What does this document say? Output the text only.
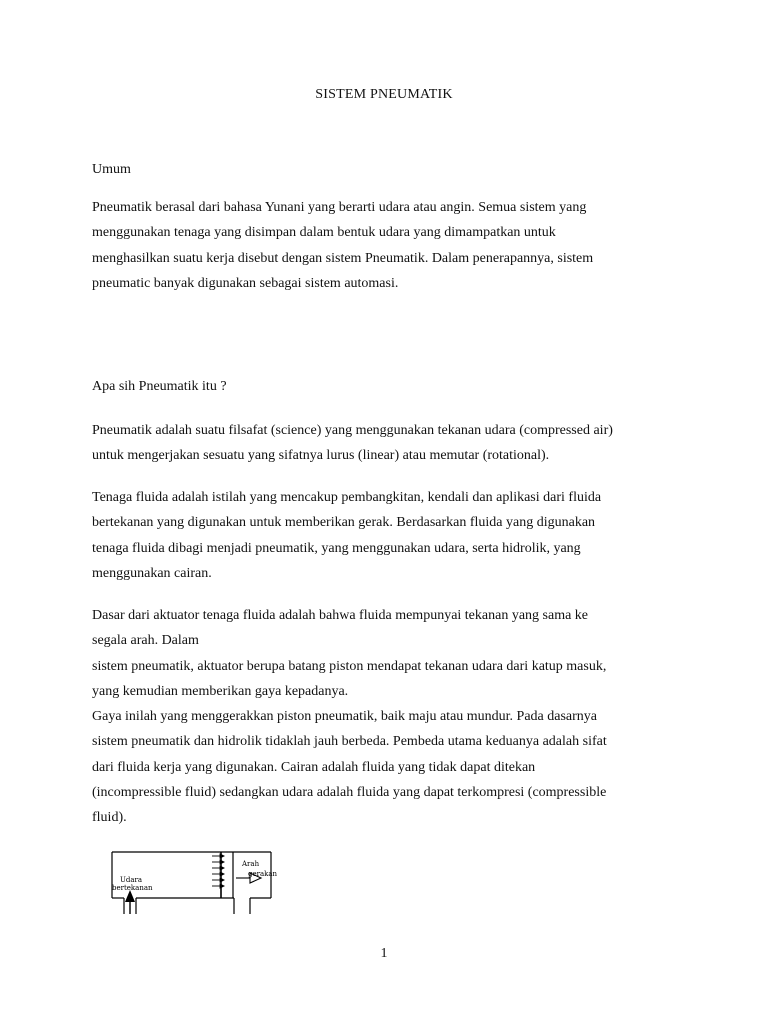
SISTEM PNEUMATIK
Umum
Pneumatik berasal dari bahasa Yunani yang berarti udara atau angin. Semua sistem yang
menggunakan tenaga yang disimpan dalam bentuk udara yang dimampatkan untuk
menghasilkan suatu kerja disebut dengan sistem Pneumatik. Dalam penerapannya, sistem
pneumatic banyak digunakan sebagai sistem automasi.
Apa sih Pneumatik itu ?
Pneumatik adalah suatu filsafat (science) yang menggunakan tekanan udara (compressed air)
untuk mengerjakan sesuatu yang sifatnya lurus (linear) atau memutar (rotational).
Tenaga fluida adalah istilah yang mencakup pembangkitan, kendali dan aplikasi dari fluida
bertekanan yang digunakan untuk memberikan gerak. Berdasarkan fluida yang digunakan
tenaga fluida dibagi menjadi pneumatik, yang menggunakan udara, serta hidrolik, yang
menggunakan cairan.
Dasar dari aktuator tenaga fluida adalah bahwa fluida mempunyai tekanan yang sama ke
segala arah. Dalam
sistem pneumatik, aktuator berupa batang piston mendapat tekanan udara dari katup masuk,
yang kemudian memberikan gaya kepadanya.
Gaya inilah yang menggerakkan piston pneumatik, baik maju atau mundur. Pada dasarnya
sistem pneumatik dan hidrolik tidaklah jauh berbeda. Pembeda utama keduanya adalah sifat
dari fluida kerja yang digunakan. Cairan adalah fluida yang tidak dapat ditekan
(incompressible fluid) sedangkan udara adalah fluida yang dapat terkompresi (compressible
fluid).
Udara
bertekanan
Arah
gerakan
1
